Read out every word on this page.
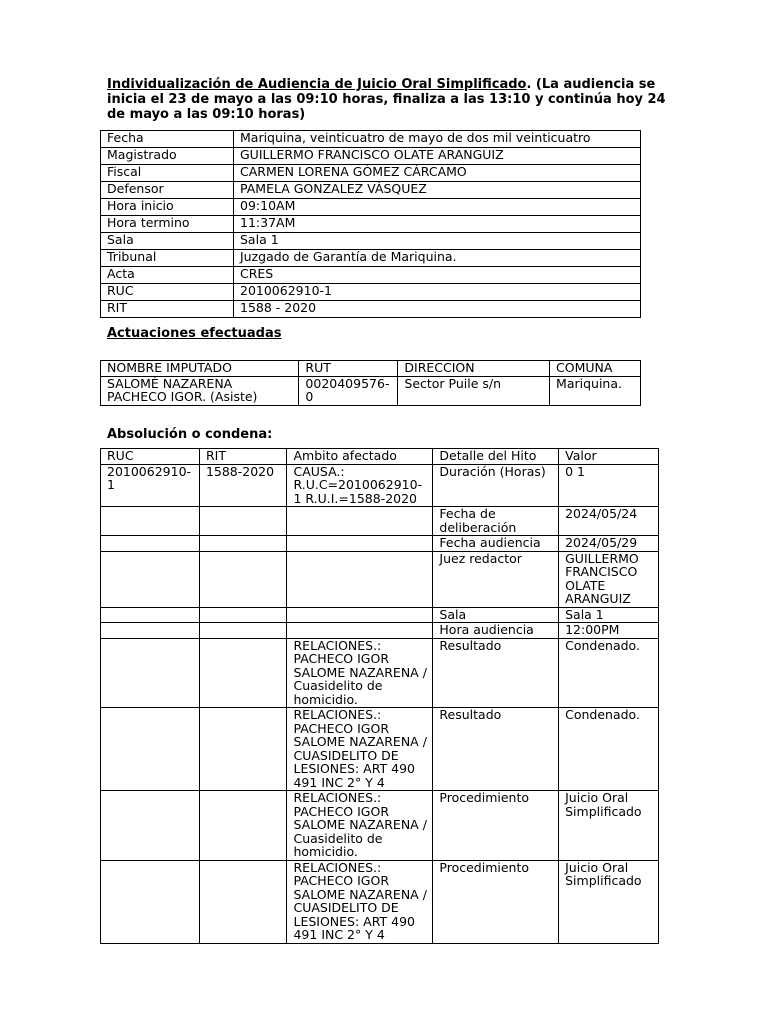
Individualización de Audiencia de Juicio Oral Simplificado. (La audiencia se inicia el 23 de mayo a las 09:10 horas, finaliza a las 13:10 y continúa hoy 24 de mayo a las 09:10 horas)
Fecha	Mariquina, veinticuatro de mayo de dos mil veinticuatro
Magistrado	GUILLERMO FRANCISCO OLATE ARANGUIZ
Fiscal	CARMEN LORENA GÓMEZ CÁRCAMO
Defensor	PAMELA GONZALEZ VÁSQUEZ
Hora inicio	09:10AM
Hora termino	11:37AM
Sala	Sala 1
Tribunal	Juzgado de Garantía de Mariquina.
Acta	CRES
RUC	2010062910-1
RIT	1588 - 2020
Actuaciones efectuadas
NOMBRE IMPUTADO	RUT	DIRECCION	COMUNA
SALOMÉ NAZARENA PACHECO IGOR. (Asiste)	0020409576-0	Sector Puile s/n	Mariquina.
Absolución o condena:
RUC	RIT	Ambito afectado	Detalle del Hito	Valor
2010062910-1	1588-2020	CAUSA.: R.U.C=2010062910-1 R.U.I.=1588-2020	Duración (Horas)	0 1
			Fecha de deliberación	2024/05/24
			Fecha audiencia	2024/05/29
			Juez redactor	GUILLERMO FRANCISCO OLATE ARANGUIZ
			Sala	Sala 1
			Hora audiencia	12:00PM
		RELACIONES.: PACHECO IGOR SALOME NAZARENA / Cuasidelito de homicidio.	Resultado	Condenado.
		RELACIONES.: PACHECO IGOR SALOME NAZARENA / CUASIDELITO DE LESIONES: ART 490 491 INC 2° Y 4	Resultado	Condenado.
		RELACIONES.: PACHECO IGOR SALOME NAZARENA / Cuasidelito de homicidio.	Procedimiento	Juicio Oral Simplificado
		RELACIONES.: PACHECO IGOR SALOME NAZARENA / CUASIDELITO DE LESIONES: ART 490 491 INC 2° Y 4	Procedimiento	Juicio Oral Simplificado
